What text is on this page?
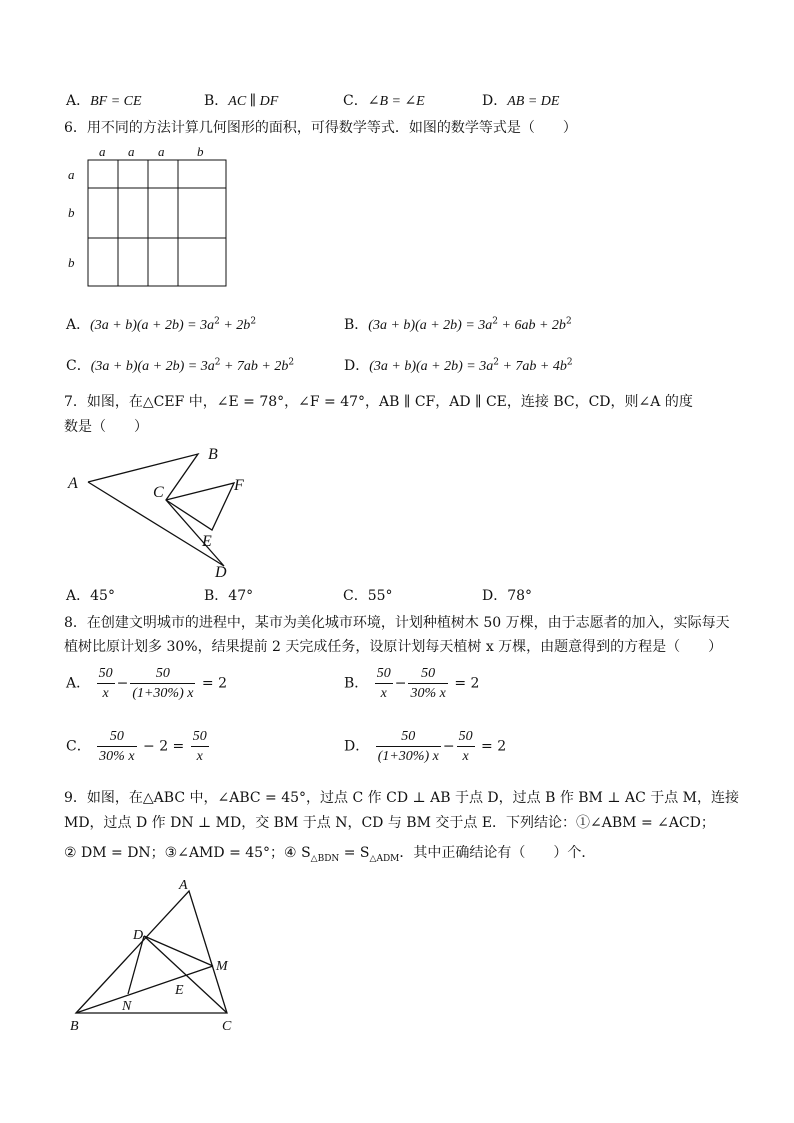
A．BF = CE	B．AC ∥ DF	C．∠B = ∠E	D．AB = DE
6．用不同的方法计算几何图形的面积，可得数学等式．如图的数学等式是（　　）
a a a	b
a
b
b
A．$(3a + b)(a + 2b) = 3a^2 + 2b^2$	B．$(3a + b)(a + 2b) = 3a^2 + 6ab + 2b^2$
C．$(3a + b)(a + 2b) = 3a^2 + 7ab + 2b^2$	D．$(3a + b)(a + 2b) = 3a^2 + 7ab + 4b^2$
7．如图，在△CEF 中，∠E = 78°，∠F = 47°，AB ∥ CF，AD ∥ CE，连接 BC，CD，则∠A 的度
数是（　　）
A
B
C	F
E
D
A．45°	B．47°	C．55°	D．78°
8．在创建文明城市的进程中，某市为美化城市环境，计划种植树木 50 万棵，由于志愿者的加入，实际每天
植树比原计划多 30%，结果提前 2 天完成任务，设原计划每天植树 x 万棵，由题意得到的方程是（　　）
A． $\frac{50}{x} - \frac{50}{(1+30\%) x} = 2$	B． $\frac{50}{x} - \frac{50}{30\% x} = 2$
C． $\frac{50}{30\% x} - 2 = \frac{50}{x}$	D． $\frac{50}{(1+30\%) x} - \frac{50}{x} = 2$
9．如图，在△ABC 中，∠ABC = 45°，过点 C 作 CD ⊥ AB 于点 D，过点 B 作 BM ⊥ AC 于点 M，连接
MD，过点 D 作 DN ⊥ MD，交 BM 于点 N，CD 与 BM 交于点 E．下列结论：①∠ABM = ∠ACD；
② DM = DN；③∠AMD = 45°；④ $S_{\triangle BDN} = S_{\triangle ADM}$．其中正确结论有（　　）个．
A
D
M
E
N
B	C
